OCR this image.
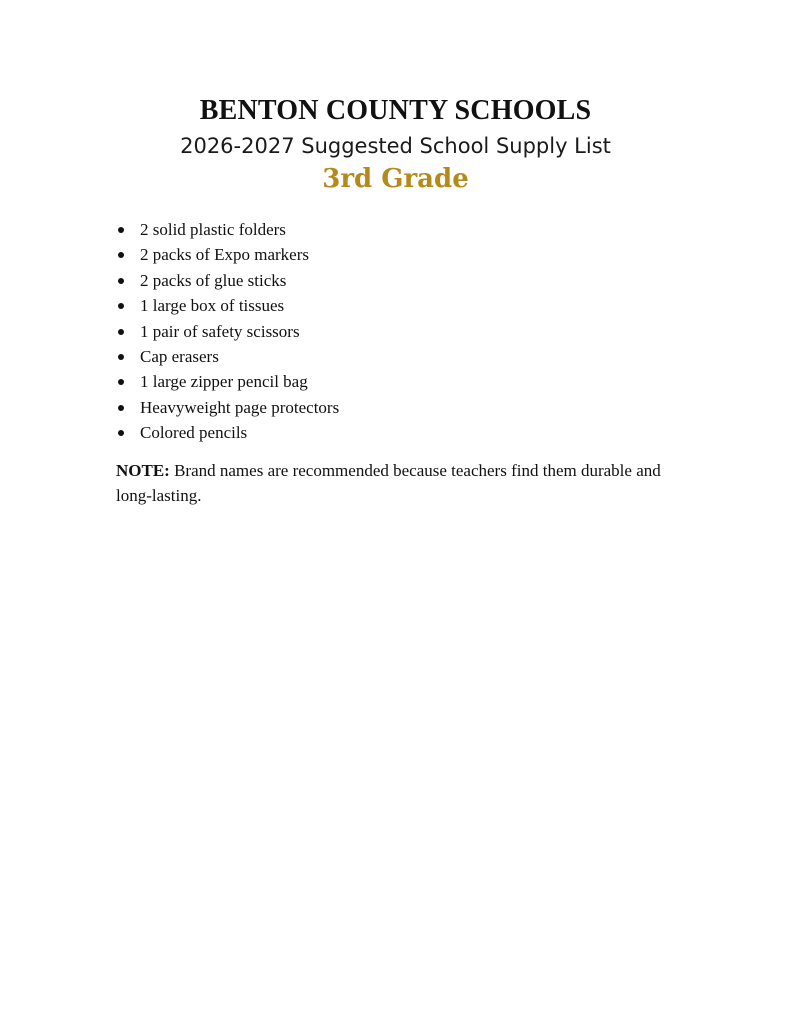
BENTON COUNTY SCHOOLS

2026-2027 Suggested School Supply List

3rd Grade

2 solid plastic folders
2 packs of Expo markers
2 packs of glue sticks
1 large box of tissues
1 pair of safety scissors
Cap erasers
1 large zipper pencil bag
Heavyweight page protectors
Colored pencils

NOTE: Brand names are recommended because teachers find them durable and long-lasting.
